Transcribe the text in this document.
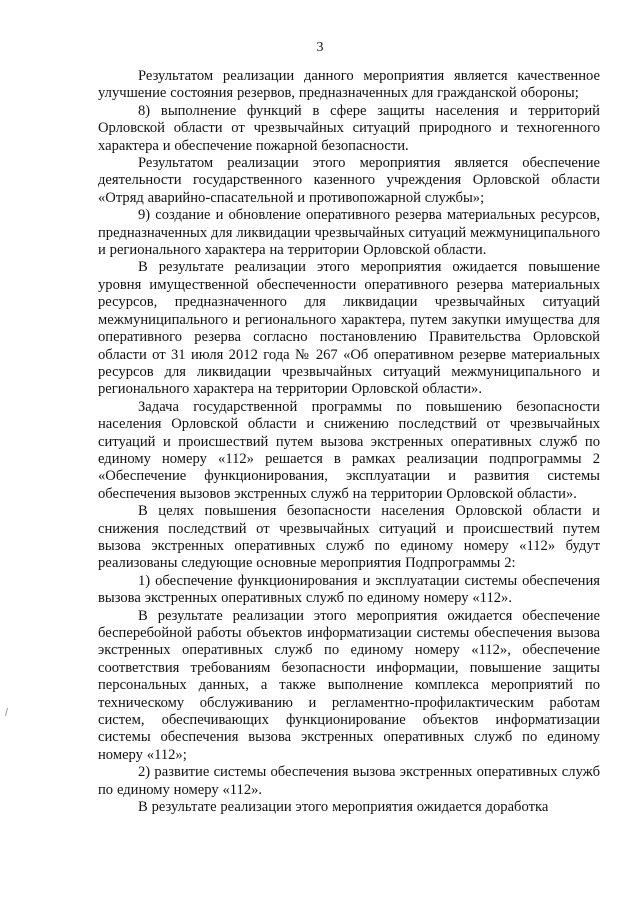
3

Результатом реализации данного мероприятия является качественное улучшение состояния резервов, предназначенных для гражданской обороны;

8) выполнение функций в сфере защиты населения и территорий Орловской области от чрезвычайных ситуаций природного и техногенного характера и обеспечение пожарной безопасности.

Результатом реализации этого мероприятия является обеспечение деятельности государственного казенного учреждения Орловской области «Отряд аварийно-спасательной и противопожарной службы»;

9) создание и обновление оперативного резерва материальных ресурсов, предназначенных для ликвидации чрезвычайных ситуаций межмуниципального и регионального характера на территории Орловской области.

В результате реализации этого мероприятия ожидается повышение уровня имущественной обеспеченности оперативного резерва материальных ресурсов, предназначенного для ликвидации чрезвычайных ситуаций межмуниципального и регионального характера, путем закупки имущества для оперативного резерва согласно постановлению Правительства Орловской области от 31 июля 2012 года № 267 «Об оперативном резерве материальных ресурсов для ликвидации чрезвычайных ситуаций межмуниципального и регионального характера на территории Орловской области».

Задача государственной программы по повышению безопасности населения Орловской области и снижению последствий от чрезвычайных ситуаций и происшествий путем вызова экстренных оперативных служб по единому номеру «112» решается в рамках реализации подпрограммы 2 «Обеспечение функционирования, эксплуатации и развития системы обеспечения вызовов экстренных служб на территории Орловской области».

В целях повышения безопасности населения Орловской области и снижения последствий от чрезвычайных ситуаций и происшествий путем вызова экстренных оперативных служб по единому номеру «112» будут реализованы следующие основные мероприятия Подпрограммы 2:

1) обеспечение функционирования и эксплуатации системы обеспечения вызова экстренных оперативных служб по единому номеру «112».

В результате реализации этого мероприятия ожидается обеспечение бесперебойной работы объектов информатизации системы обеспечения вызова экстренных оперативных служб по единому номеру «112», обеспечение соответствия требованиям безопасности информации, повышение защиты персональных данных, а также выполнение комплекса мероприятий по техническому обслуживанию и регламентно-профилактическим работам систем, обеспечивающих функционирование объектов информатизации системы обеспечения вызова экстренных оперативных служб по единому номеру «112»;

2) развитие системы обеспечения вызова экстренных оперативных служб по единому номеру «112».

В результате реализации этого мероприятия ожидается доработка
